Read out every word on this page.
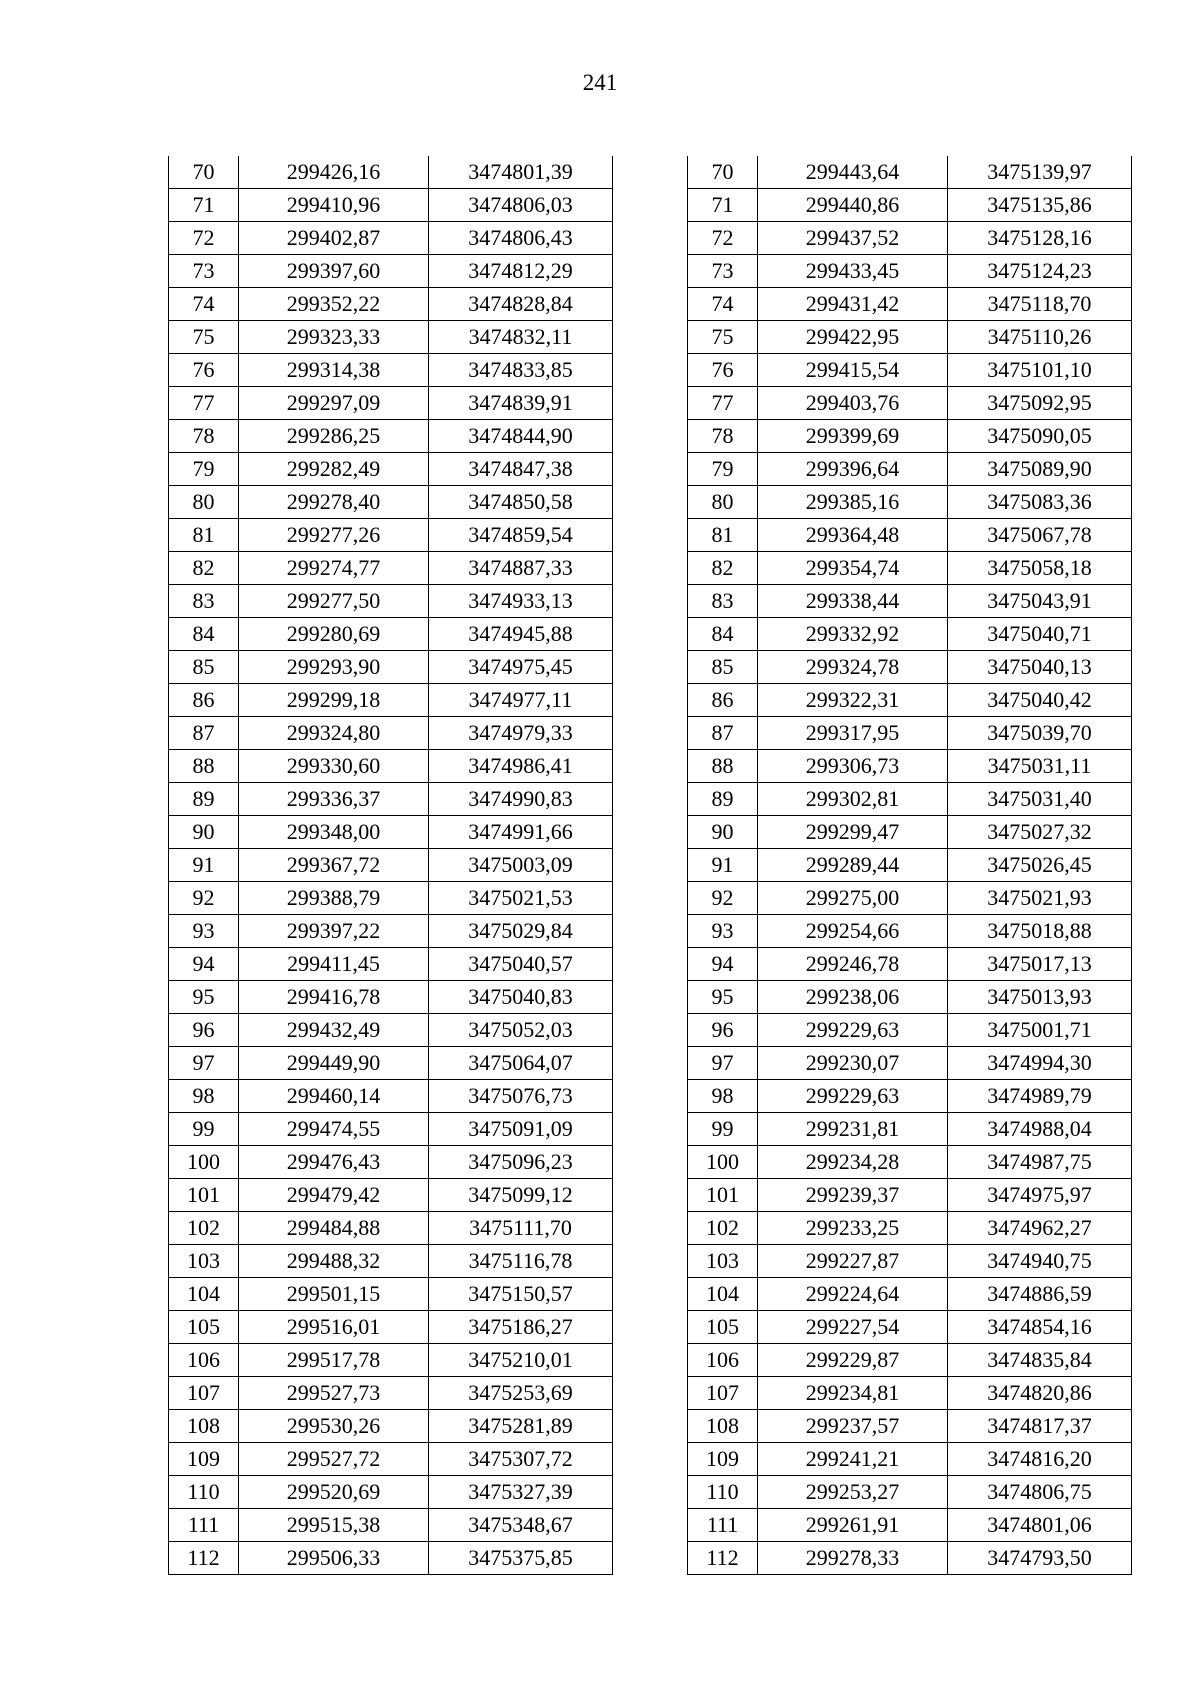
241
70	299426,16	3474801,39
71	299410,96	3474806,03
72	299402,87	3474806,43
73	299397,60	3474812,29
74	299352,22	3474828,84
75	299323,33	3474832,11
76	299314,38	3474833,85
77	299297,09	3474839,91
78	299286,25	3474844,90
79	299282,49	3474847,38
80	299278,40	3474850,58
81	299277,26	3474859,54
82	299274,77	3474887,33
83	299277,50	3474933,13
84	299280,69	3474945,88
85	299293,90	3474975,45
86	299299,18	3474977,11
87	299324,80	3474979,33
88	299330,60	3474986,41
89	299336,37	3474990,83
90	299348,00	3474991,66
91	299367,72	3475003,09
92	299388,79	3475021,53
93	299397,22	3475029,84
94	299411,45	3475040,57
95	299416,78	3475040,83
96	299432,49	3475052,03
97	299449,90	3475064,07
98	299460,14	3475076,73
99	299474,55	3475091,09
100	299476,43	3475096,23
101	299479,42	3475099,12
102	299484,88	3475111,70
103	299488,32	3475116,78
104	299501,15	3475150,57
105	299516,01	3475186,27
106	299517,78	3475210,01
107	299527,73	3475253,69
108	299530,26	3475281,89
109	299527,72	3475307,72
110	299520,69	3475327,39
111	299515,38	3475348,67
112	299506,33	3475375,85
70	299443,64	3475139,97
71	299440,86	3475135,86
72	299437,52	3475128,16
73	299433,45	3475124,23
74	299431,42	3475118,70
75	299422,95	3475110,26
76	299415,54	3475101,10
77	299403,76	3475092,95
78	299399,69	3475090,05
79	299396,64	3475089,90
80	299385,16	3475083,36
81	299364,48	3475067,78
82	299354,74	3475058,18
83	299338,44	3475043,91
84	299332,92	3475040,71
85	299324,78	3475040,13
86	299322,31	3475040,42
87	299317,95	3475039,70
88	299306,73	3475031,11
89	299302,81	3475031,40
90	299299,47	3475027,32
91	299289,44	3475026,45
92	299275,00	3475021,93
93	299254,66	3475018,88
94	299246,78	3475017,13
95	299238,06	3475013,93
96	299229,63	3475001,71
97	299230,07	3474994,30
98	299229,63	3474989,79
99	299231,81	3474988,04
100	299234,28	3474987,75
101	299239,37	3474975,97
102	299233,25	3474962,27
103	299227,87	3474940,75
104	299224,64	3474886,59
105	299227,54	3474854,16
106	299229,87	3474835,84
107	299234,81	3474820,86
108	299237,57	3474817,37
109	299241,21	3474816,20
110	299253,27	3474806,75
111	299261,91	3474801,06
112	299278,33	3474793,50
